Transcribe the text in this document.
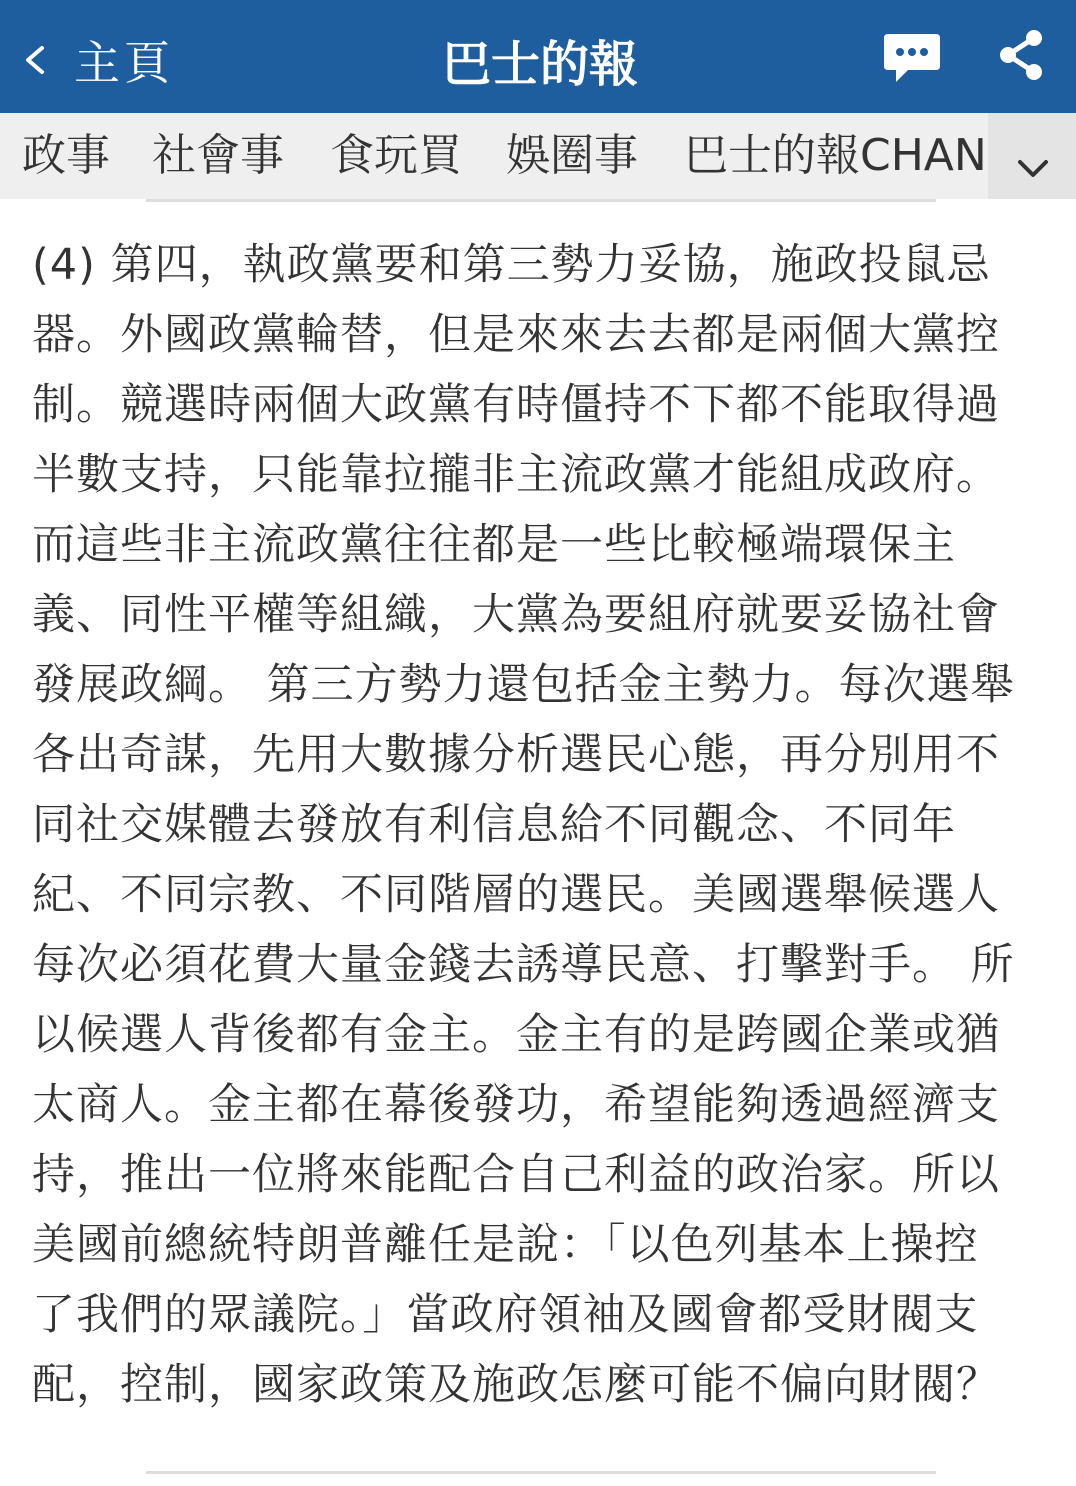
主頁	巴士的報
政事 社會事 食玩買 娛圈事 巴士的報CHAN
(4) 第四，執政黨要和第三勢力妥協，施政投鼠忌
器。外國政黨輪替，但是來來去去都是兩個大黨控
制。競選時兩個大政黨有時僵持不下都不能取得過
半數支持，只能靠拉攏非主流政黨才能組成政府。
而這些非主流政黨往往都是一些比較極端環保主
義、同性平權等組織，大黨為要組府就要妥協社會
發展政綱。 第三方勢力還包括金主勢力。每次選舉
各出奇謀，先用大數據分析選民心態，再分別用不
同社交媒體去發放有利信息給不同觀念、不同年
紀、不同宗教、不同階層的選民。美國選舉候選人
每次必須花費大量金錢去誘導民意、打擊對手。 所
以候選人背後都有金主。金主有的是跨國企業或猶
太商人。金主都在幕後發功，希望能夠透過經濟支
持，推出一位將來能配合自己利益的政治家。所以
美國前總統特朗普離任是說：「以色列基本上操控
了我們的眾議院。」當政府領袖及國會都受財閥支
配，控制，國家政策及施政怎麼可能不偏向財閥？
